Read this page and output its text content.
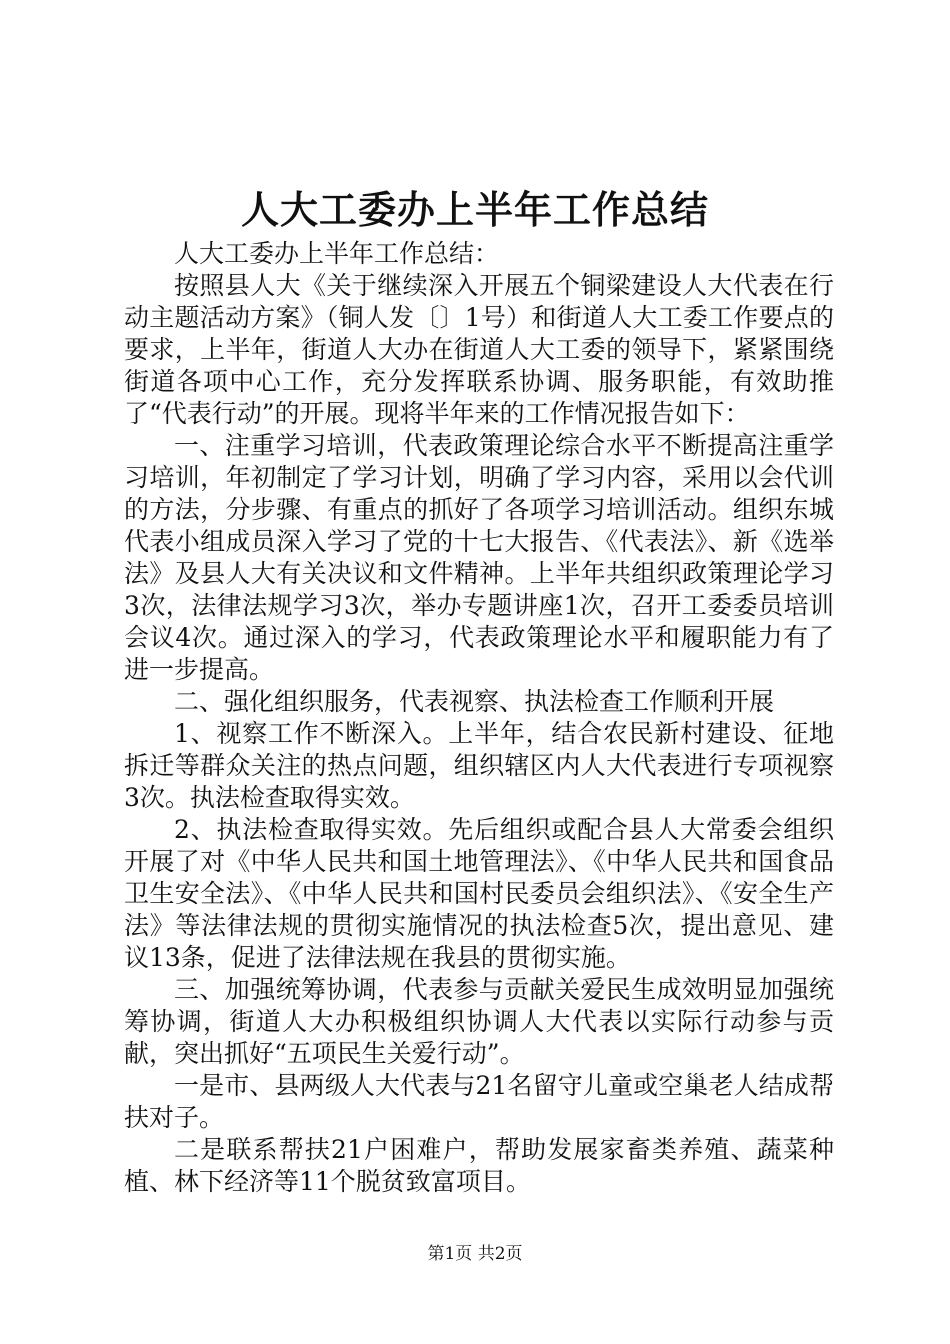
人大工委办上半年工作总结

人大工委办上半年工作总结：

按照县人大《关于继续深入开展五个铜梁建设人大代表在行动主题活动方案》（铜人发〔〕1号）和街道人大工委工作要点的要求，上半年，街道人大办在街道人大工委的领导下，紧紧围绕街道各项中心工作，充分发挥联系协调、服务职能，有效助推了“代表行动”的开展。现将半年来的工作情况报告如下：

一、注重学习培训，代表政策理论综合水平不断提高注重学习培训，年初制定了学习计划，明确了学习内容，采用以会代训的方法，分步骤、有重点的抓好了各项学习培训活动。组织东城代表小组成员深入学习了党的十七大报告、《代表法》、新《选举法》及县人大有关决议和文件精神。上半年共组织政策理论学习3次，法律法规学习3次，举办专题讲座1次，召开工委委员培训会议4次。通过深入的学习，代表政策理论水平和履职能力有了进一步提高。

二、强化组织服务，代表视察、执法检查工作顺利开展

1、视察工作不断深入。上半年，结合农民新村建设、征地拆迁等群众关注的热点问题，组织辖区内人大代表进行专项视察3次。执法检查取得实效。

2、执法检查取得实效。先后组织或配合县人大常委会组织开展了对《中华人民共和国土地管理法》、《中华人民共和国食品卫生安全法》、《中华人民共和国村民委员会组织法》、《安全生产法》等法律法规的贯彻实施情况的执法检查5次，提出意见、建议13条，促进了法律法规在我县的贯彻实施。

三、加强统筹协调，代表参与贡献关爱民生成效明显加强统筹协调，街道人大办积极组织协调人大代表以实际行动参与贡献，突出抓好“五项民生关爱行动”。

一是市、县两级人大代表与21名留守儿童或空巢老人结成帮扶对子。

二是联系帮扶21户困难户，帮助发展家畜类养殖、蔬菜种植、林下经济等11个脱贫致富项目。

第1页 共2页
